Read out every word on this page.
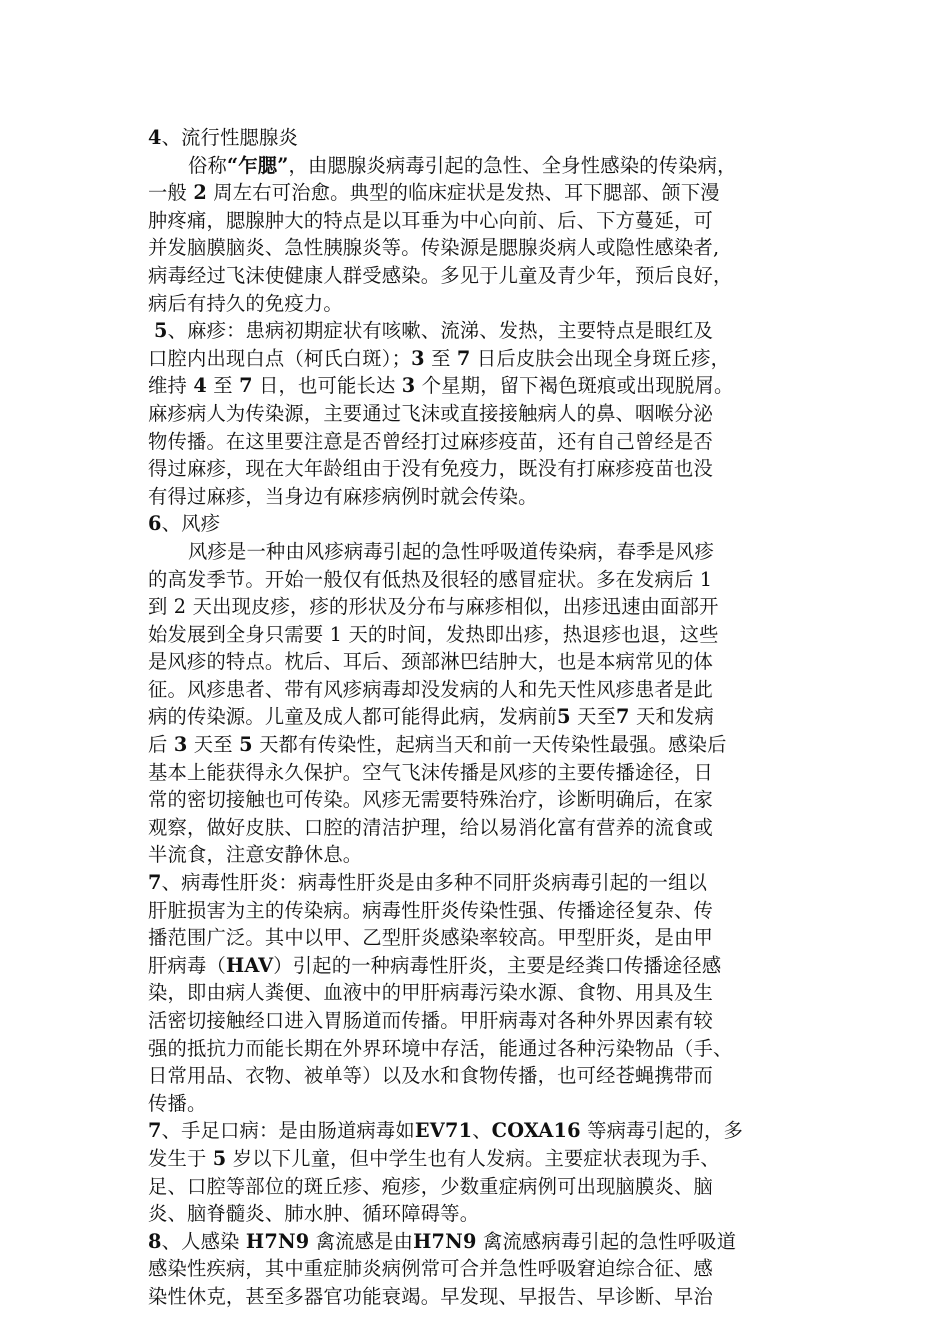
4、流行性腮腺炎
俗称“乍腮”，由腮腺炎病毒引起的急性、全身性感染的传染病，
一般 2 周左右可治愈。典型的临床症状是发热、耳下腮部、颌下漫
肿疼痛，腮腺肿大的特点是以耳垂为中心向前、后、下方蔓延，可
并发脑膜脑炎、急性胰腺炎等。传染源是腮腺炎病人或隐性感染者,
病毒经过飞沫使健康人群受感染。多见于儿童及青少年，预后良好，
病后有持久的免疫力。
5、麻疹：患病初期症状有咳嗽、流涕、发热，主要特点是眼红及
口腔内出现白点（柯氏白斑）；3 至 7 日后皮肤会出现全身斑丘疹，
维持 4 至 7 日，也可能长达 3 个星期，留下褐色斑痕或出现脱屑。
麻疹病人为传染源，主要通过飞沫或直接接触病人的鼻、咽喉分泌
物传播。在这里要注意是否曾经打过麻疹疫苗，还有自己曾经是否
得过麻疹，现在大年龄组由于没有免疫力，既没有打麻疹疫苗也没
有得过麻疹，当身边有麻疹病例时就会传染。
6、风疹
风疹是一种由风疹病毒引起的急性呼吸道传染病，春季是风疹
的高发季节。开始一般仅有低热及很轻的感冒症状。多在发病后 1
到 2 天出现皮疹，疹的形状及分布与麻疹相似，出疹迅速由面部开
始发展到全身只需要 1 天的时间，发热即出疹，热退疹也退，这些
是风疹的特点。枕后、耳后、颈部淋巴结肿大，也是本病常见的体
征。风疹患者、带有风疹病毒却没发病的人和先天性风疹患者是此
病的传染源。儿童及成人都可能得此病，发病前5 天至7 天和发病
后 3 天至 5 天都有传染性，起病当天和前一天传染性最强。感染后
基本上能获得永久保护。空气飞沫传播是风疹的主要传播途径，日
常的密切接触也可传染。风疹无需要特殊治疗，诊断明确后，在家
观察，做好皮肤、口腔的清洁护理，给以易消化富有营养的流食或
半流食，注意安静休息。
7、病毒性肝炎：病毒性肝炎是由多种不同肝炎病毒引起的一组以
肝脏损害为主的传染病。病毒性肝炎传染性强、传播途径复杂、传
播范围广泛。其中以甲、乙型肝炎感染率较高。甲型肝炎，是由甲
肝病毒（HAV）引起的一种病毒性肝炎，主要是经粪口传播途径感
染，即由病人粪便、血液中的甲肝病毒污染水源、食物、用具及生
活密切接触经口进入胃肠道而传播。甲肝病毒对各种外界因素有较
强的抵抗力而能长期在外界环境中存活，能通过各种污染物品（手、
日常用品、衣物、被单等）以及水和食物传播，也可经苍蝇携带而
传播。
7、手足口病：是由肠道病毒如EV71、COXA16 等病毒引起的，多
发生于 5 岁以下儿童，但中学生也有人发病。主要症状表现为手、
足、口腔等部位的斑丘疹、疱疹，少数重症病例可出现脑膜炎、脑
炎、脑脊髓炎、肺水肿、循环障碍等。
8、人感染 H7N9 禽流感是由H7N9 禽流感病毒引起的急性呼吸道
感染性疾病，其中重症肺炎病例常可合并急性呼吸窘迫综合征、感
染性休克，甚至多器官功能衰竭。早发现、早报告、早诊断、早治
